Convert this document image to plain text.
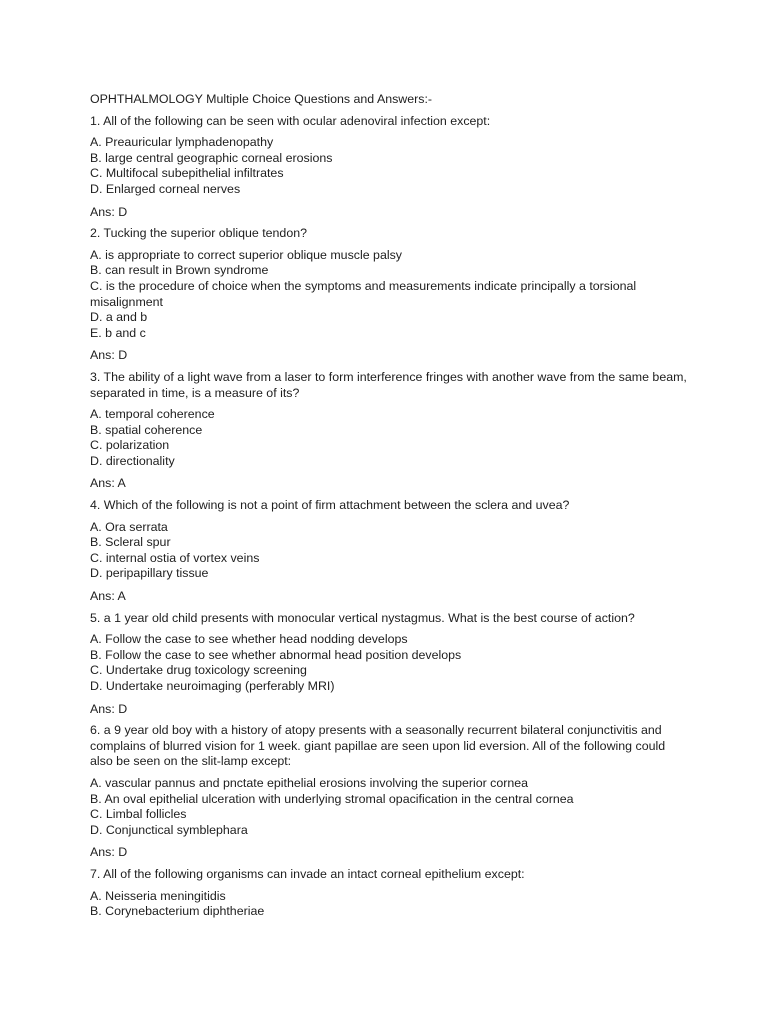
OPHTHALMOLOGY Multiple Choice Questions and Answers:-
1. All of the following can be seen with ocular adenoviral infection except:
A. Preauricular lymphadenopathy
B. large central geographic corneal erosions
C. Multifocal subepithelial infiltrates
D. Enlarged corneal nerves
Ans: D
2. Tucking the superior oblique tendon?
A. is appropriate to correct superior oblique muscle palsy
B. can result in Brown syndrome
C. is the procedure of choice when the symptoms and measurements indicate principally a torsional misalignment
D. a and b
E. b and c
Ans: D
3. The ability of a light wave from a laser to form interference fringes with another wave from the same beam, separated in time, is a measure of its?
A. temporal coherence
B. spatial coherence
C. polarization
D. directionality
Ans: A
4. Which of the following is not a point of firm attachment between the sclera and uvea?
A. Ora serrata
B. Scleral spur
C. internal ostia of vortex veins
D. peripapillary tissue
Ans: A
5. a 1 year old child presents with monocular vertical nystagmus. What is the best course of action?
A. Follow the case to see whether head nodding develops
B. Follow the case to see whether abnormal head position develops
C. Undertake drug toxicology screening
D. Undertake neuroimaging (perferably MRI)
Ans: D
6. a 9 year old boy with a history of atopy presents with a seasonally recurrent bilateral conjunctivitis and complains of blurred vision for 1 week. giant papillae are seen upon lid eversion. All of the following could also be seen on the slit-lamp except:
A. vascular pannus and pnctate epithelial erosions involving the superior cornea
B. An oval epithelial ulceration with underlying stromal opacification in the central cornea
C. Limbal follicles
D. Conjunctical symblephara
Ans: D
7. All of the following organisms can invade an intact corneal epithelium except:
A. Neisseria meningitidis
B. Corynebacterium diphtheriae
